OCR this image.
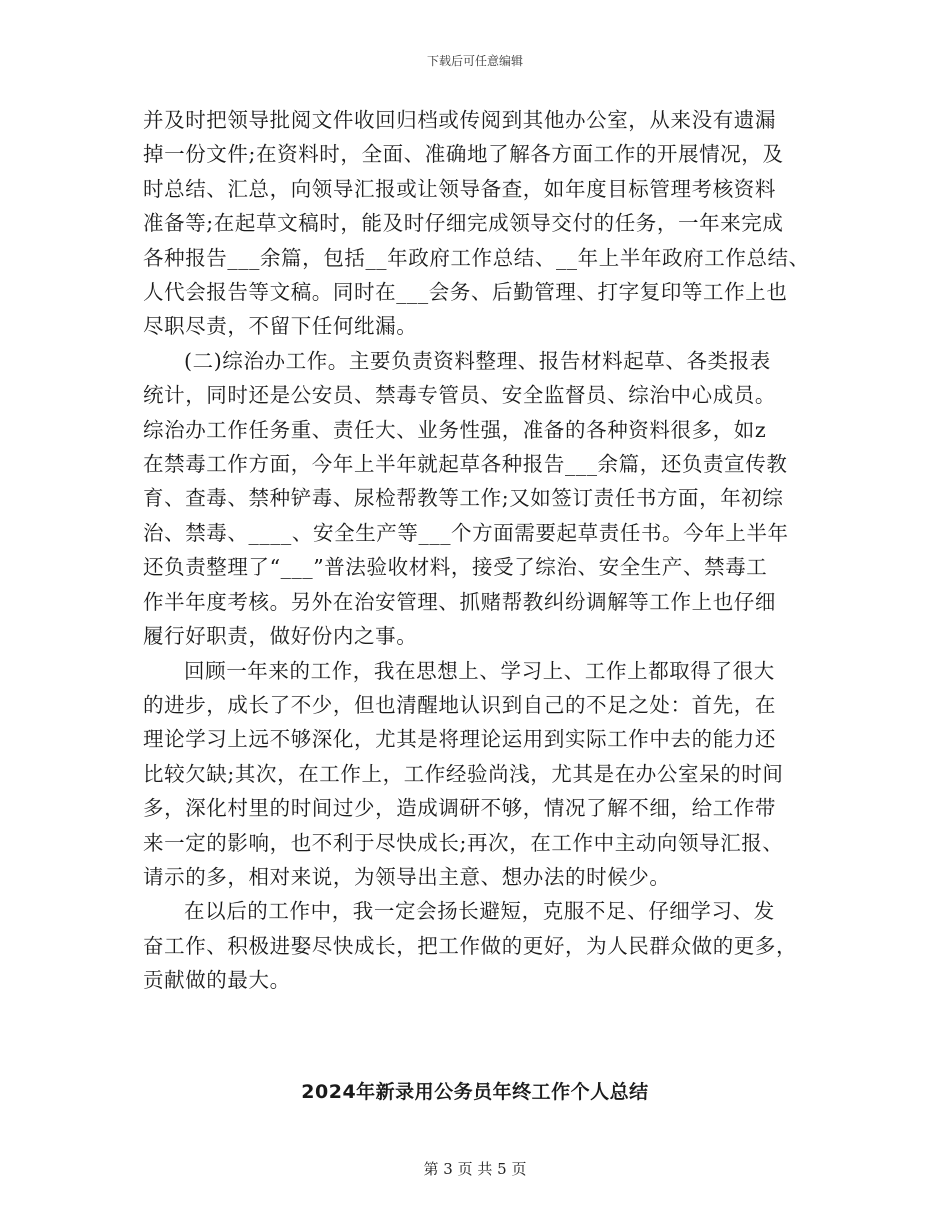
下载后可任意编辑

并及时把领导批阅文件收回归档或传阅到其他办公室，从来没有遗漏
掉一份文件;在资料时，全面、准确地了解各方面工作的开展情况，及
时总结、汇总，向领导汇报或让领导备查，如年度目标管理考核资料
准备等;在起草文稿时，能及时仔细完成领导交付的任务，一年来完成
各种报告___余篇，包括__年政府工作总结、__年上半年政府工作总结、
人代会报告等文稿。同时在___会务、后勤管理、打字复印等工作上也
尽职尽责，不留下任何纰漏。

(二)综治办工作。主要负责资料整理、报告材料起草、各类报表
统计，同时还是公安员、禁毒专管员、安全监督员、综治中心成员。
综治办工作任务重、责任大、业务性强，准备的各种资料很多，如z
在禁毒工作方面，今年上半年就起草各种报告___余篇，还负责宣传教
育、查毒、禁种铲毒、尿检帮教等工作;又如签订责任书方面，年初综
治、禁毒、____、安全生产等___个方面需要起草责任书。今年上半年
还负责整理了“___”普法验收材料，接受了综治、安全生产、禁毒工
作半年度考核。另外在治安管理、抓赌帮教纠纷调解等工作上也仔细
履行好职责，做好份内之事。

回顾一年来的工作，我在思想上、学习上、工作上都取得了很大
的进步，成长了不少，但也清醒地认识到自己的不足之处：首先，在
理论学习上远不够深化，尤其是将理论运用到实际工作中去的能力还
比较欠缺;其次，在工作上，工作经验尚浅，尤其是在办公室呆的时间
多，深化村里的时间过少，造成调研不够，情况了解不细，给工作带
来一定的影响，也不利于尽快成长;再次，在工作中主动向领导汇报、
请示的多，相对来说，为领导出主意、想办法的时候少。

在以后的工作中，我一定会扬长避短，克服不足、仔细学习、发
奋工作、积极进娶尽快成长，把工作做的更好，为人民群众做的更多，
贡献做的最大。

2024年新录用公务员年终工作个人总结
第 3 页 共 5 页
